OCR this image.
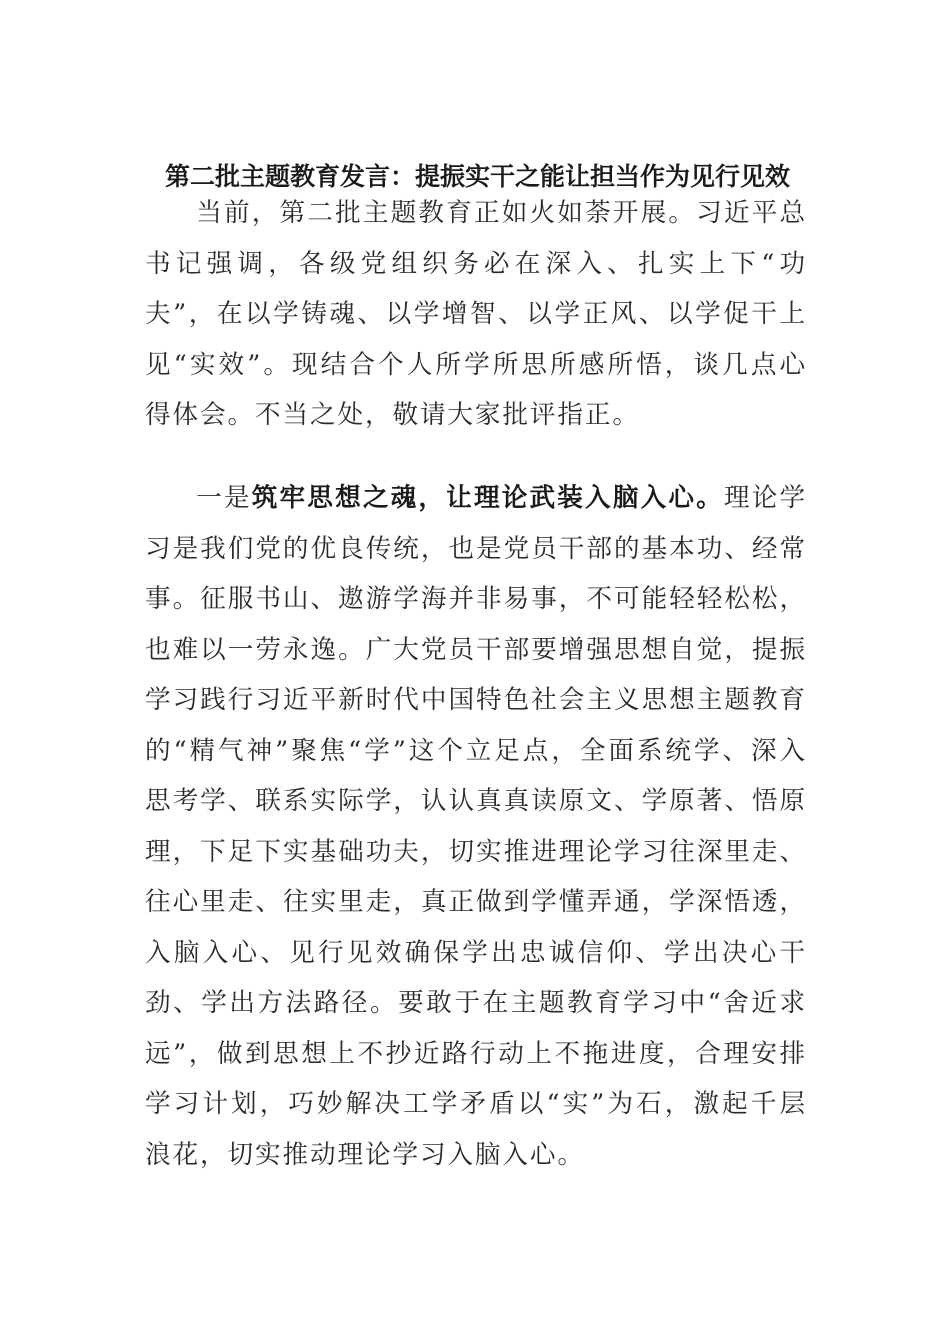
第二批主题教育发言：提振实干之能让担当作为见行见效

当前，第二批主题教育正如火如荼开展。习近平总书记强调，各级党组织务必在深入、扎实上下“功夫”，在以学铸魂、以学增智、以学正风、以学促干上见“实效”。现结合个人所学所思所感所悟，谈几点心得体会。不当之处，敬请大家批评指正。

一是筑牢思想之魂，让理论武装入脑入心。理论学习是我们党的优良传统，也是党员干部的基本功、经常事。征服书山、遨游学海并非易事，不可能轻轻松松，也难以一劳永逸。广大党员干部要增强思想自觉，提振学习践行习近平新时代中国特色社会主义思想主题教育的“精气神”聚焦“学”这个立足点，全面系统学、深入思考学、联系实际学，认认真真读原文、学原著、悟原理，下足下实基础功夫，切实推进理论学习往深里走、往心里走、往实里走，真正做到学懂弄通，学深悟透，入脑入心、见行见效确保学出忠诚信仰、学出决心干劲、学出方法路径。要敢于在主题教育学习中“舍近求远”，做到思想上不抄近路行动上不拖进度，合理安排学习计划，巧妙解决工学矛盾以“实”为石，激起千层浪花，切实推动理论学习入脑入心。
